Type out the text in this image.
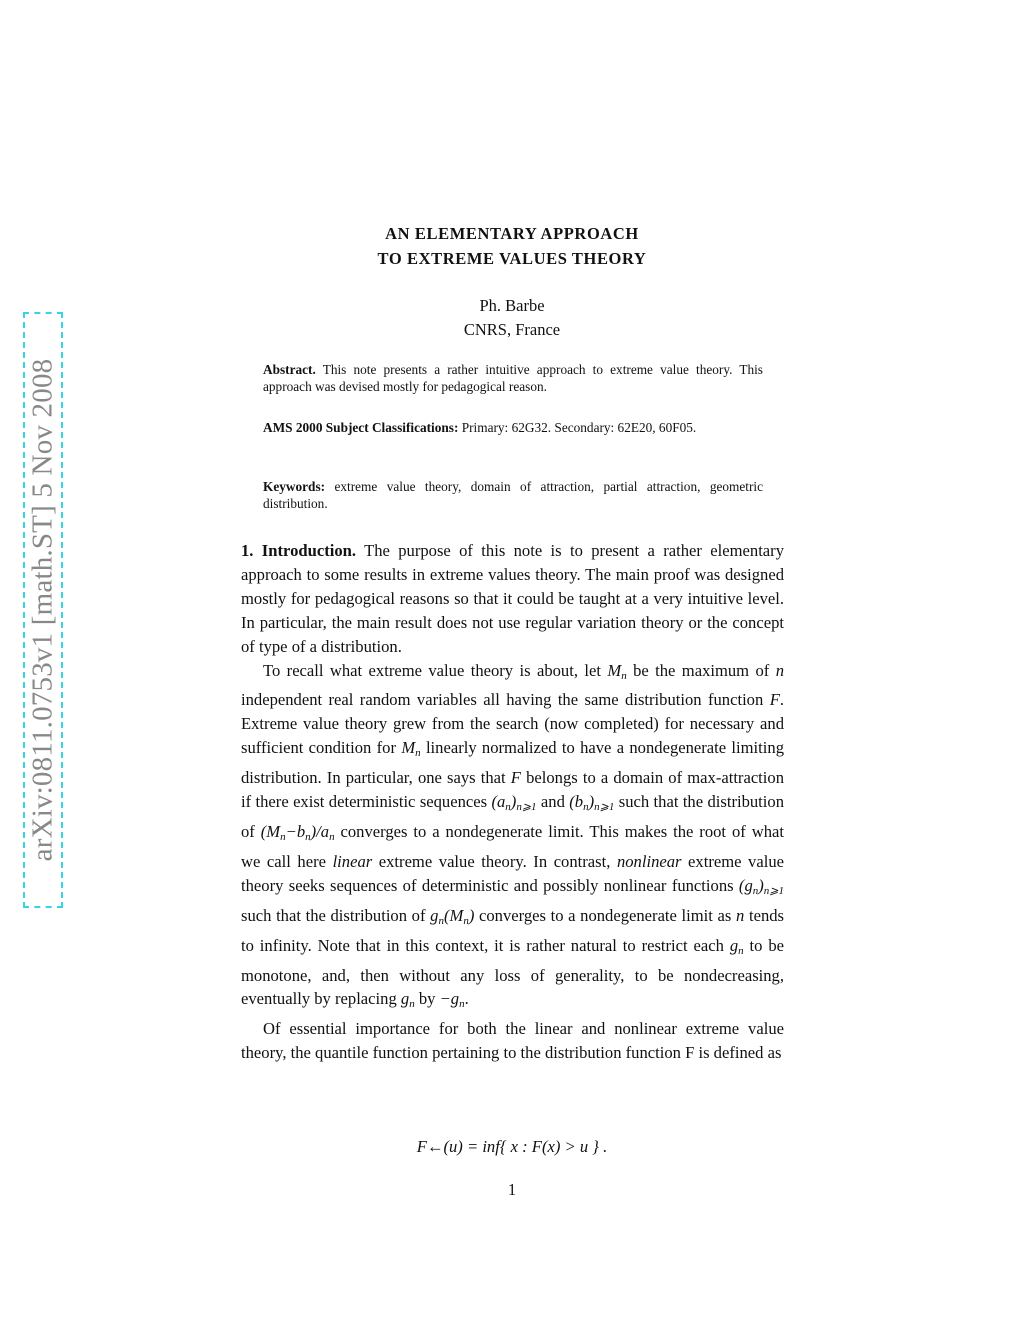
arXiv:0811.0753v1 [math.ST] 5 Nov 2008
AN ELEMENTARY APPROACH
TO EXTREME VALUES THEORY
Ph. Barbe
CNRS, France
Abstract. This note presents a rather intuitive approach to extreme value theory. This approach was devised mostly for pedagogical reason.
AMS 2000 Subject Classifications: Primary: 62G32. Secondary: 62E20, 60F05.
Keywords: extreme value theory, domain of attraction, partial attraction, geometric distribution.

1. Introduction. The purpose of this note is to present a rather elementary approach to some results in extreme values theory. The main proof was designed mostly for pedagogical reasons so that it could be taught at a very intuitive level. In particular, the main result does not use regular variation theory or the concept of type of a distribution.

To recall what extreme value theory is about, let $M_n$ be the maximum of n independent real random variables all having the same distribution function F. Extreme value theory grew from the search (now completed) for necessary and sufficient condition for $M_n$ linearly normalized to have a nondegenerate limiting distribution. In particular, one says that F belongs to a domain of max-attraction if there exist deterministic sequences $(a_n)_{n⩾1}$ and $(b_n)_{n⩾1}$ such that the distribution of $(M_n-b_n)/a_n$ converges to a nondegenerate limit. This makes the root of what we call here linear extreme value theory. In contrast, nonlinear extreme value theory seeks sequences of deterministic and possibly nonlinear functions $(g_n)_{n⩾1}$ such that the distribution of $g_n(M_n)$ converges to a nondegenerate limit as n tends to infinity. Note that in this context, it is rather natural to restrict each $g_n$ to be monotone, and, then without any loss of generality, to be nondecreasing, eventually by replacing $g_n$ by $-g_n$.

Of essential importance for both the linear and nonlinear extreme value theory, the quantile function pertaining to the distribution function F is defined as

F←(u) = inf{ x : F(x) > u } .
1
